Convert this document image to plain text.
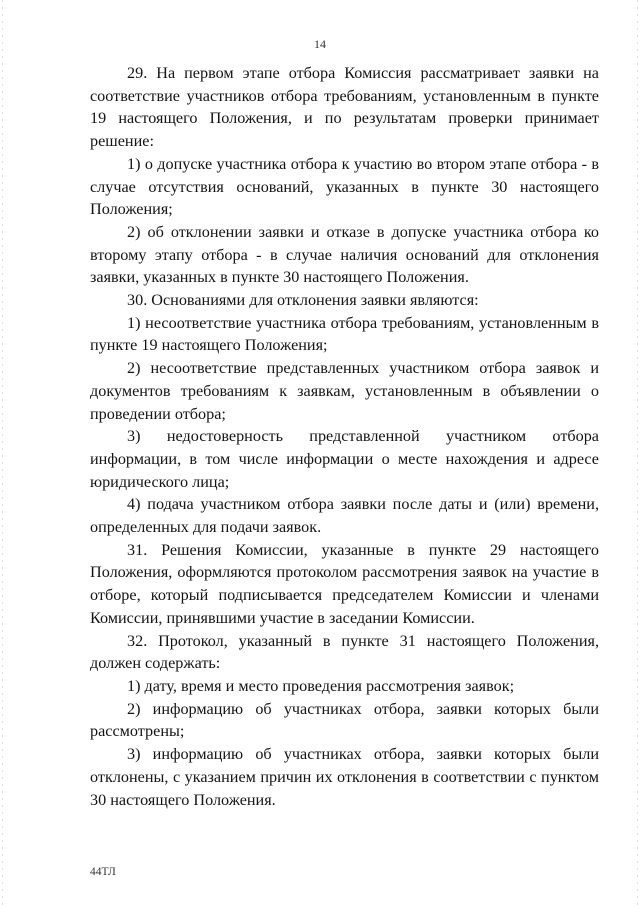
14

29. На первом этапе отбора Комиссия рассматривает заявки на соответствие участников отбора требованиям, установленным в пункте 19 настоящего Положения, и по результатам проверки принимает решение:

1) о допуске участника отбора к участию во втором этапе отбора - в случае отсутствия оснований, указанных в пункте 30 настоящего Положения;

2) об отклонении заявки и отказе в допуске участника отбора ко второму этапу отбора - в случае наличия оснований для отклонения заявки, указанных в пункте 30 настоящего Положения.

30. Основаниями для отклонения заявки являются:

1) несоответствие участника отбора требованиям, установленным в пункте 19 настоящего Положения;

2) несоответствие представленных участником отбора заявок и документов требованиям к заявкам, установленным в объявлении о проведении отбора;

3) недостоверность представленной участником отбора информации, в том числе информации о месте нахождения и адресе юридического лица;

4) подача участником отбора заявки после даты и (или) времени, определенных для подачи заявок.

31. Решения Комиссии, указанные в пункте 29 настоящего Положения, оформляются протоколом рассмотрения заявок на участие в отборе, который подписывается председателем Комиссии и членами Комиссии, принявшими участие в заседании Комиссии.

32. Протокол, указанный в пункте 31 настоящего Положения, должен содержать:

1) дату, время и место проведения рассмотрения заявок;

2) информацию об участниках отбора, заявки которых были рассмотрены;

3) информацию об участниках отбора, заявки которых были отклонены, с указанием причин их отклонения в соответствии с пунктом 30 настоящего Положения.

44ТЛ
